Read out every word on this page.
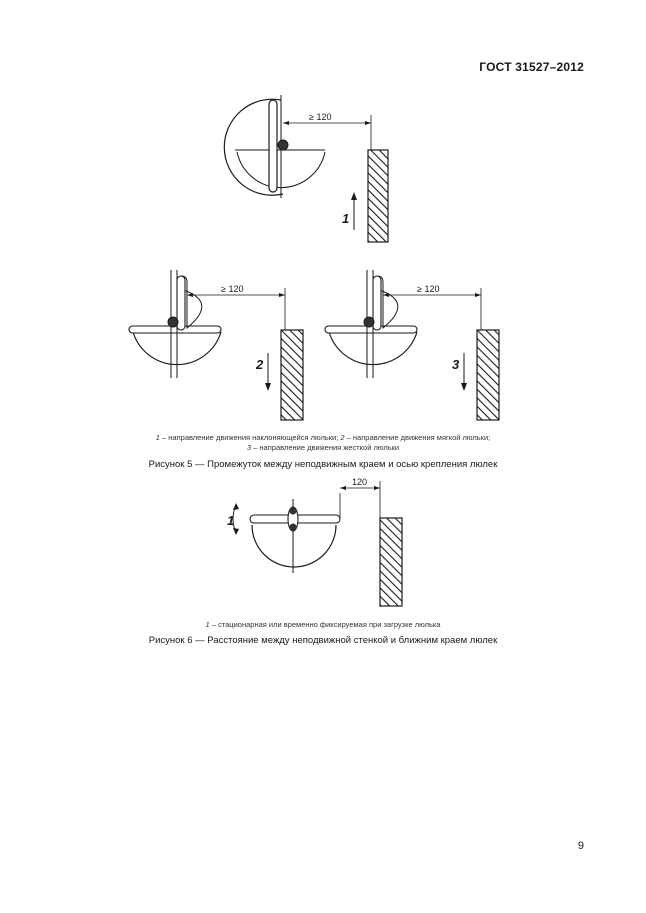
ГОСТ 31527–2012
≥ 120
1
≥ 120
2
≥ 120
3
1 – направление движения наклоняющейся люльки; 2 – направление движения мягкой люльки;
3 – направление движения жесткой люльки
Рисунок 5 — Промежуток между неподвижным краем и осью крепления люлек
120
1
1 – стационарная или временно фиксируемая при загрузке люлька
Рисунок 6 — Расстояние между неподвижной стенкой и ближним краем люлек
9
